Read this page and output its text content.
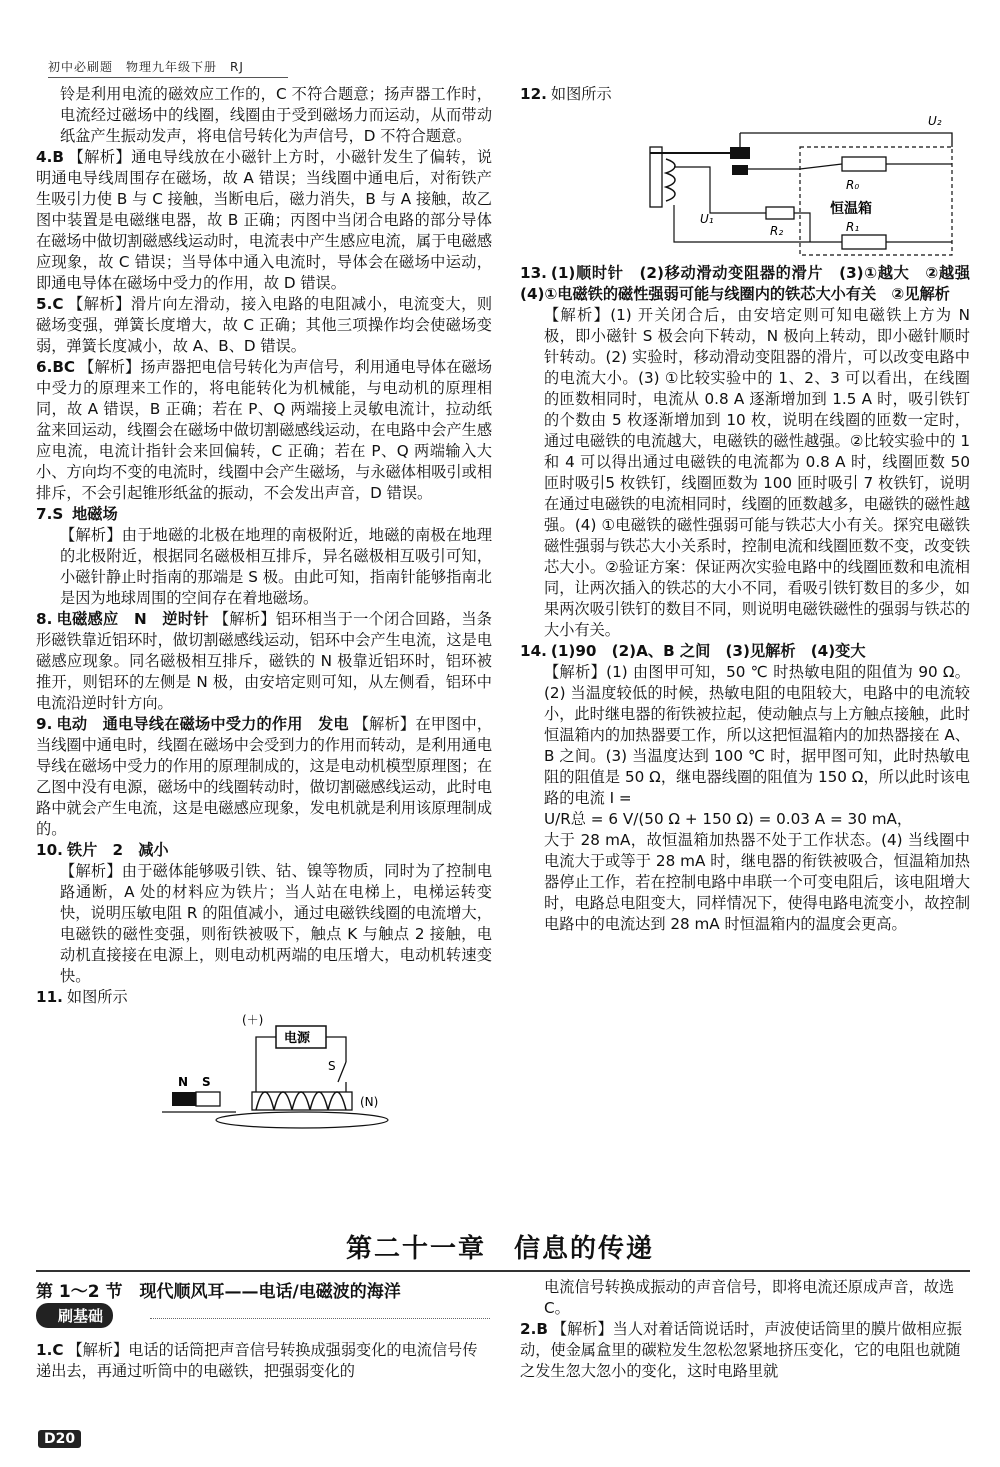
初中必刷题　物理九年级下册　RJ

铃是利用电流的磁效应工作的，C 不符合题意；扬声器工作时，电流经过磁场中的线圈，线圈由于受到磁场力而运动，从而带动纸盆产生振动发声，将电信号转化为声信号，D 不符合题意。

4.B 【解析】通电导线放在小磁针上方时，小磁针发生了偏转，说明通电导线周围存在磁场，故 A 错误；当线圈中通电后，对衔铁产生吸引力使 B 与 C 接触，当断电后，磁力消失，B 与 A 接触，故乙图中装置是电磁继电器，故 B 正确；丙图中当闭合电路的部分导体在磁场中做切割磁感线运动时，电流表中产生感应电流，属于电磁感应现象，故 C 错误；当导体中通入电流时，导体会在磁场中运动，即通电导体在磁场中受力的作用，故 D 错误。

5.C 【解析】滑片向左滑动，接入电路的电阻减小，电流变大，则磁场变强，弹簧长度增大，故 C 正确；其他三项操作均会使磁场变弱，弹簧长度减小，故 A、B、D 错误。

6.BC 【解析】扬声器把电信号转化为声信号，利用通电导体在磁场中受力的原理来工作的，将电能转化为机械能，与电动机的原理相同，故 A 错误，B 正确；若在 P、Q 两端接上灵敏电流计，拉动纸盆来回运动，线圈会在磁场中做切割磁感线运动，在电路中会产生感应电流，电流计指针会来回偏转，C 正确；若在 P、Q 两端输入大小、方向均不变的电流时，线圈中会产生磁场，与永磁体相吸引或相排斥，不会引起锥形纸盆的振动，不会发出声音，D 错误。

7.S 地磁场

【解析】由于地磁的北极在地理的南极附近，地磁的南极在地理的北极附近，根据同名磁极相互排斥，异名磁极相互吸引可知，小磁针静止时指南的那端是 S 极。由此可知，指南针能够指南北是因为地球周围的空间存在着地磁场。

8. 电磁感应　N　逆时针 【解析】铝环相当于一个闭合回路，当条形磁铁靠近铝环时，做切割磁感线运动，铝环中会产生电流，这是电磁感应现象。同名磁极相互排斥，磁铁的 N 极靠近铝环时，铝环被推开，则铝环的左侧是 N 极，由安培定则可知，从左侧看，铝环中电流沿逆时针方向。

9. 电动　通电导线在磁场中受力的作用　发电 【解析】在甲图中，当线圈中通电时，线圈在磁场中会受到力的作用而转动，是利用通电导线在磁场中受力的作用的原理制成的，这是电动机模型原理图；在乙图中没有电源，磁场中的线圈转动时，做切割磁感线运动，此时电路中就会产生电流，这是电磁感应现象，发电机就是利用该原理制成的。

10. 铁片　2　减小

【解析】由于磁体能够吸引铁、钴、镍等物质，同时为了控制电路通断，A 处的材料应为铁片；当人站在电梯上，电梯运转变快，说明压敏电阻 R 的阻值减小，通过电磁铁线圈的电流增大，电磁铁的磁性变强，则衔铁被吸下，触点 K 与触点 2 接触，电动机直接接在电源上，则电动机两端的电压增大，电动机转速变快。

11. 如图所示

(＋)
电源
S
(N)
N S

12. 如图所示

U₂
R₀
恒温箱
R₁
R₂
U₁

13. (1)顺时针　(2)移动滑动变阻器的滑片　(3)①越大　②越强　(4)①电磁铁的磁性强弱可能与线圈内的铁芯大小有关　②见解析

【解析】(1) 开关闭合后，由安培定则可知电磁铁上方为 N 极，即小磁针 S 极会向下转动，N 极向上转动，即小磁针顺时针转动。(2) 实验时，移动滑动变阻器的滑片，可以改变电路中的电流大小。(3) ①比较实验中的 1、2、3 可以看出，在线圈的匝数相同时，电流从 0.8 A 逐渐增加到 1.5 A 时，吸引铁钉的个数由 5 枚逐渐增加到 10 枚，说明在线圈的匝数一定时，通过电磁铁的电流越大，电磁铁的磁性越强。②比较实验中的 1 和 4 可以得出通过电磁铁的电流都为 0.8 A 时，线圈匝数 50 匝时吸引5 枚铁钉，线圈匝数为 100 匝时吸引 7 枚铁钉，说明在通过电磁铁的电流相同时，线圈的匝数越多，电磁铁的磁性越强。(4) ①电磁铁的磁性强弱可能与铁芯大小有关。探究电磁铁磁性强弱与铁芯大小关系时，控制电流和线圈匝数不变，改变铁芯大小。②验证方案：保证两次实验电路中的线圈匝数和电流相同，让两次插入的铁芯的大小不同，看吸引铁钉数目的多少，如果两次吸引铁钉的数目不同，则说明电磁铁磁性的强弱与铁芯的大小有关。

14. (1)90　(2)A、B 之间　(3)见解析　(4)变大

【解析】(1) 由图甲可知，50 ℃ 时热敏电阻的阻值为 90 Ω。(2) 当温度较低的时候，热敏电阻的电阻较大，电路中的电流较小，此时继电器的衔铁被拉起，使动触点与上方触点接触，此时恒温箱内的加热器要工作，所以这把恒温箱内的加热器接在 A、B 之间。(3) 当温度达到 100 ℃ 时，据甲图可知，此时热敏电阻的阻值是 50 Ω，继电器线圈的阻值为 150 Ω，所以此时该电路的电流 I =

U/R总 = 6 V/(50 Ω + 150 Ω) = 0.03 A = 30 mA，

大于 28 mA，故恒温箱加热器不处于工作状态。(4) 当线圈中电流大于或等于 28 mA 时，继电器的衔铁被吸合，恒温箱加热器停止工作，若在控制电路中串联一个可变电阻后，该电阻增大时，电路总电阻变大，同样情况下，使得电路电流变小，故控制电路中的电流达到 28 mA 时恒温箱内的温度会更高。

第二十一章　信息的传递
第 1～2 节　现代顺风耳——电话/电磁波的海洋
刷基础

1.C 【解析】电话的话筒把声音信号转换成强弱变化的电流信号传递出去，再通过听筒中的电磁铁，把强弱变化的

电流信号转换成振动的声音信号，即将电流还原成声音，故选 C。

2.B 【解析】当人对着话筒说话时，声波使话筒里的膜片做相应振动，使金属盒里的碳粒发生忽松忽紧地挤压变化，它的电阻也就随之发生忽大忽小的变化，这时电路里就

D20
